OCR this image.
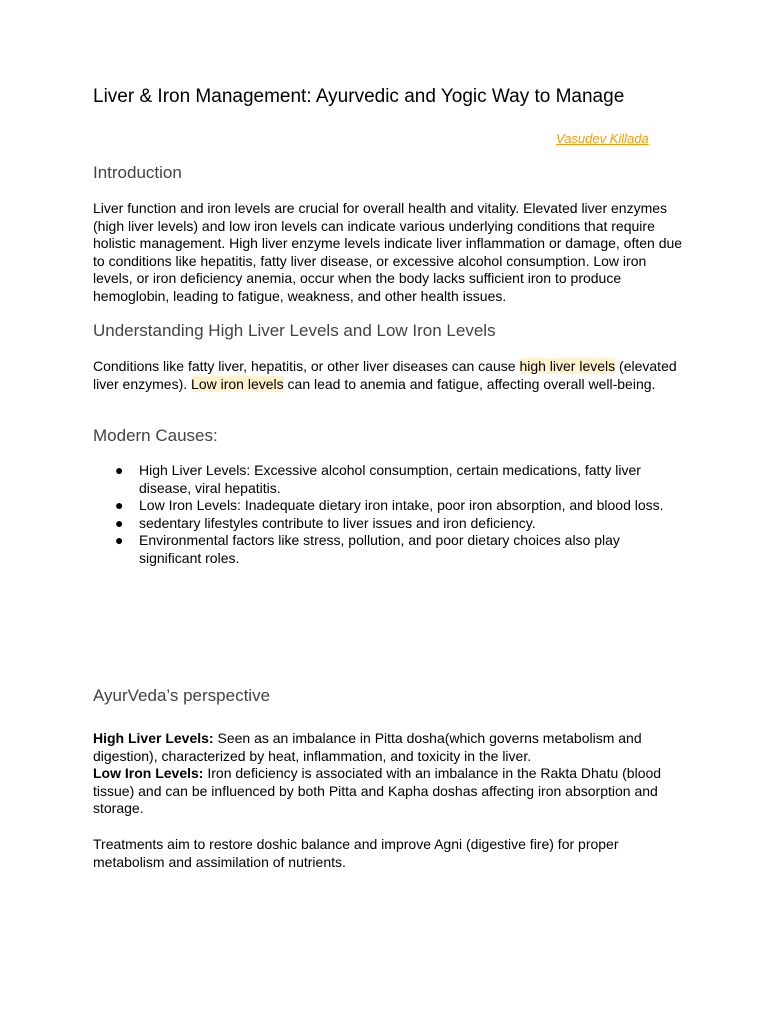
Liver & Iron Management: Ayurvedic and Yogic Way to Manage
Vasudev Killada
Introduction

Liver function and iron levels are crucial for overall health and vitality. Elevated liver enzymes (high liver levels) and low iron levels can indicate various underlying conditions that require holistic management. High liver enzyme levels indicate liver inflammation or damage, often due to conditions like hepatitis, fatty liver disease, or excessive alcohol consumption. Low iron levels, or iron deficiency anemia, occur when the body lacks sufficient iron to produce hemoglobin, leading to fatigue, weakness, and other health issues.

Understanding High Liver Levels and Low Iron Levels

Conditions like fatty liver, hepatitis, or other liver diseases can cause high liver levels (elevated liver enzymes). Low iron levels can lead to anemia and fatigue, affecting overall well-being.

Modern Causes:
● High Liver Levels: Excessive alcohol consumption, certain medications, fatty liver disease, viral hepatitis.
● Low Iron Levels: Inadequate dietary iron intake, poor iron absorption, and blood loss.
● sedentary lifestyles contribute to liver issues and iron deficiency.
● Environmental factors like stress, pollution, and poor dietary choices also play significant roles.
AyurVeda’s perspective

High Liver Levels: Seen as an imbalance in Pitta dosha(which governs metabolism and digestion), characterized by heat, inflammation, and toxicity in the liver.
Low Iron Levels: Iron deficiency is associated with an imbalance in the Rakta Dhatu (blood tissue) and can be influenced by both Pitta and Kapha doshas affecting iron absorption and storage.

Treatments aim to restore doshic balance and improve Agni (digestive fire) for proper metabolism and assimilation of nutrients.
